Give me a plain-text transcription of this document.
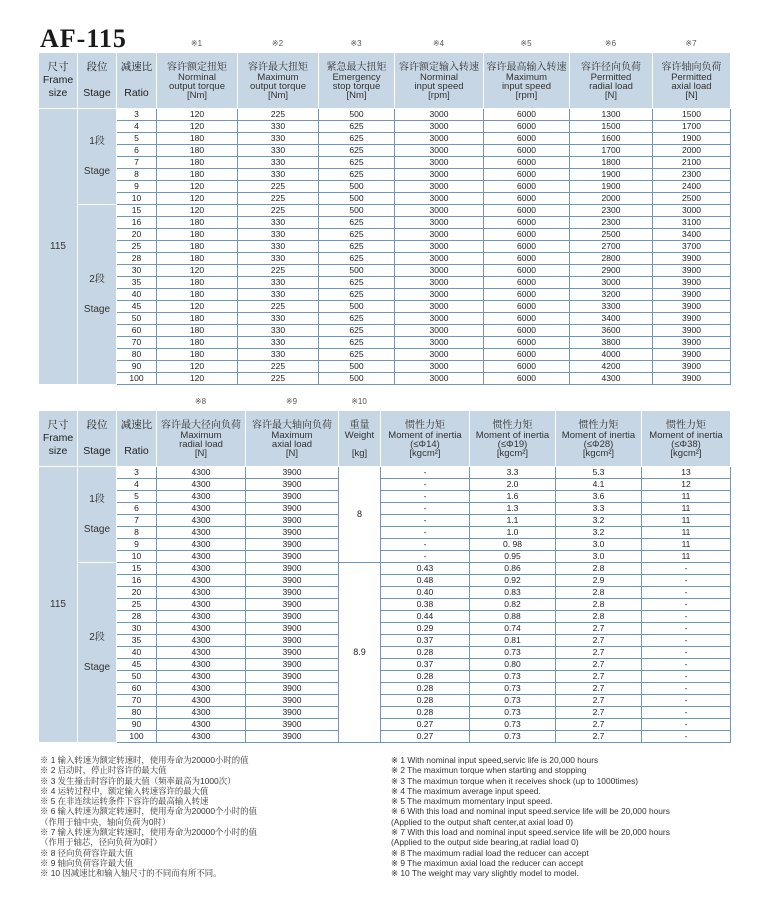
AF-115	※1	※2	※3	※4	※5	※6	※7
尺寸
Frame
size	段位

Stage	减速比

Ratio	容许额定扭矩
Norminal
output torque
[Nm]	容许最大扭矩
Maximum
output torque
[Nm]	紧急最大扭矩
Emergency
stop torque
[Nm]	容许额定输入转速
Norminal
input speed
[rpm]	容许最高输入转速
Maximum
input speed
[rpm]	容许径向负荷
Permitted
radial load
[N]	容许轴向负荷
Permitted
axial load
[N]

115	1段

Stage	3	120	225	500	3000	6000	1300	1500
		4	120	330	625	3000	6000	1500	1700
		5	180	330	625	3000	6000	1600	1900
		6	180	330	625	3000	6000	1700	2000
		7	180	330	625	3000	6000	1800	2100
		8	180	330	625	3000	6000	1900	2300
		9	120	225	500	3000	6000	1900	2400
		10	120	225	500	3000	6000	2000	2500
	2段

Stage	15	120	225	500	3000	6000	2300	3000
		16	180	330	625	3000	6000	2300	3100
		20	180	330	625	3000	6000	2500	3400
		25	180	330	625	3000	6000	2700	3700
		28	180	330	625	3000	6000	2800	3900
		30	120	225	500	3000	6000	2900	3900
		35	180	330	625	3000	6000	3000	3900
		40	180	330	625	3000	6000	3200	3900
		45	120	225	500	3000	6000	3300	3900
		50	180	330	625	3000	6000	3400	3900
		60	180	330	625	3000	6000	3600	3900
		70	180	330	625	3000	6000	3800	3900
		80	180	330	625	3000	6000	4000	3900
		90	120	225	500	3000	6000	4200	3900
		100	120	225	500	3000	6000	4300	3900
※8	※9	※10
尺寸
Frame
size	段位

Stage	减速比

Ratio	容许最大径向负荷
Maximum
radial load
[N]	容许最大轴向负荷
Maximum
axial load
[N]	重量
Weight

[kg]	惯性力矩
Moment of inertia
(≤Φ14)
[kgcm²]	惯性力矩
Moment of inertia
(≤Φ19)
[kgcm²]	惯性力矩
Moment of inertia
(≤Φ28)
[kgcm²]	惯性力矩
Moment of inertia
(≤Φ38)
[kgcm²]

115	1段

Stage	3	4300	3900	8	-	3.3	5.3	13
		4	4300	3900		-	2.0	4.1	12
		5	4300	3900		-	1.6	3.6	11
		6	4300	3900		-	1.3	3.3	11
		7	4300	3900		-	1.1	3.2	11
		8	4300	3900		-	1.0	3.2	11
		9	4300	3900		-	0. 98	3.0	11
		10	4300	3900		-	0.95	3.0	11
	2段

Stage	15	4300	3900	8.9	0.43	0.86	2.8	-
		16	4300	3900		0.48	0.92	2.9	-
		20	4300	3900		0.40	0.83	2.8	-
		25	4300	3900		0.38	0.82	2.8	-
		28	4300	3900		0.44	0.88	2.8	-
		30	4300	3900		0.29	0.74	2.7	-
		35	4300	3900		0.37	0.81	2.7	-
		40	4300	3900		0.28	0.73	2.7	-
		45	4300	3900		0.37	0.80	2.7	-
		50	4300	3900		0.28	0.73	2.7	-
		60	4300	3900		0.28	0.73	2.7	-
		70	4300	3900		0.28	0.73	2.7	-
		80	4300	3900		0.28	0.73	2.7	-
		90	4300	3900		0.27	0.73	2.7	-
		100	4300	3900		0.27	0.73	2.7	-
※ 1 输入转速为额定转速时，使用寿命为20000小时的值
※ 2 启动时，停止时容许的最大值
※ 3 发生撞击时容许的最大值（频率最高为1000次）
※ 4 运转过程中，额定输入转速容许的最大值
※ 5 在非连续运转条件下容许的最高输入转速
※ 6 输入转速为额定转速时，使用寿命为20000个小时的值
（作用于轴中央，轴向负荷为0时）
※ 7 输入转速为额定转速时，使用寿命为20000个小时的值
（作用于轴芯，径向负荷为0时）
※ 8 径向负荷容许最大值
※ 9 轴向负荷容许最大值
※ 10 因减速比和输入轴尺寸的不同而有所不同。
※ 1 With nominal input speed,servic life is 20,000 hours
※ 2 The maximun torque when starting and stopping
※ 3 The maximun torque when it receives shock (up to 1000times)
※ 4 The maximum average input speed.
※ 5 The maximum momentary input speed.
※ 6 With this load and nominal input speed.service life will be 20,000 hours
(Applied to the output shaft center,at axial load 0)
※ 7 With this load and nominal input speed.service life will be 20,000 hours
(Applied to the output side bearing,at radial load 0)
※ 8 The maximum radial load the reducer can accept
※ 9 The maximun axial load the reducer can accept
※ 10 The weight may vary slightly model to model.
